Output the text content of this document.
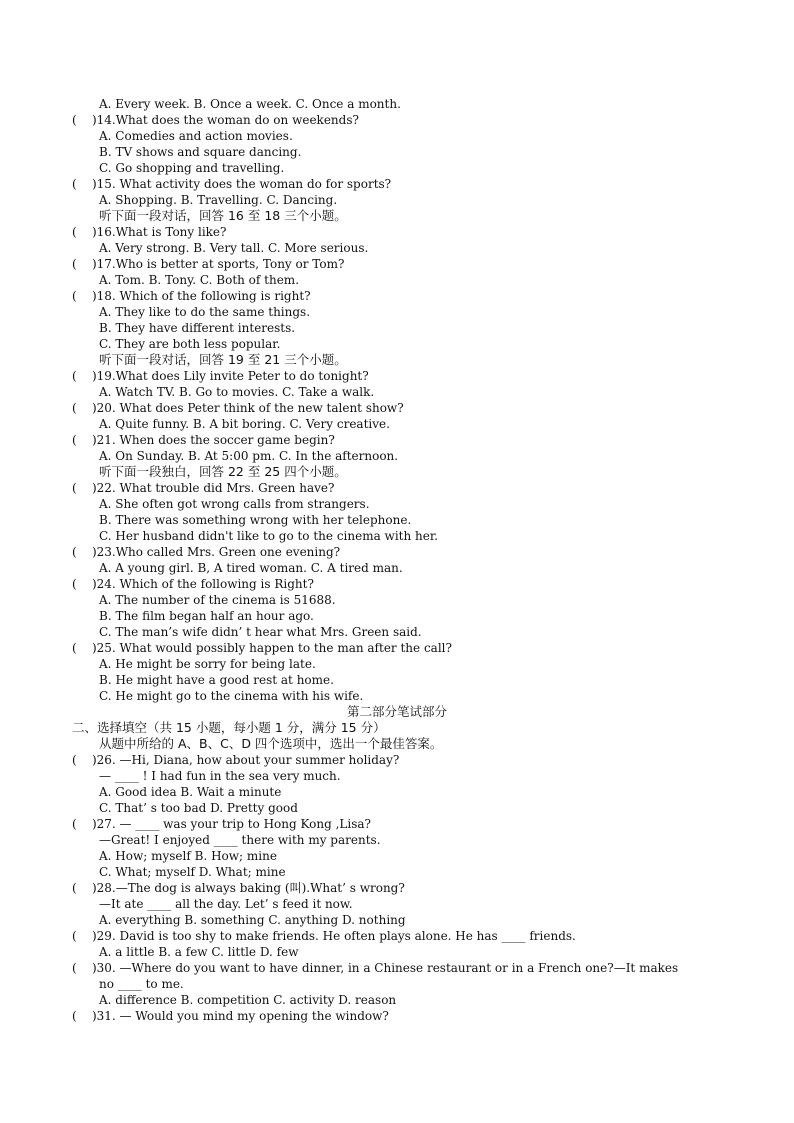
A. Every week. B. Once a week. C. Once a month.
(    )14.What does the woman do on weekends?
A. Comedies and action movies.
B. TV shows and square dancing.
C. Go shopping and travelling.
(    )15. What activity does the woman do for sports?
A. Shopping. B. Travelling. C. Dancing.
听下面一段对话，回答 16 至 18 三个小题。
(    )16.What is Tony like?
A. Very strong. B. Very tall. C. More serious.
(    )17.Who is better at sports, Tony or Tom?
A. Tom. B. Tony. C. Both of them.
(    )18. Which of the following is right?
A. They like to do the same things.
B. They have different interests.
C. They are both less popular.
听下面一段对话，回答 19 至 21 三个小题。
(    )19.What does Lily invite Peter to do tonight?
A. Watch TV. B. Go to movies. C. Take a walk.
(    )20. What does Peter think of the new talent show?
A. Quite funny. B. A bit boring. C. Very creative.
(    )21. When does the soccer game begin?
A. On Sunday. B. At 5:00 pm. C. In the afternoon.
听下面一段独白，回答 22 至 25 四个小题。
(    )22. What trouble did Mrs. Green have?
A. She often got wrong calls from strangers.
B. There was something wrong with her telephone.
C. Her husband didn't like to go to the cinema with her.
(    )23.Who called Mrs. Green one evening?
A. A young girl. B, A tired woman. C. A tired man.
(    )24. Which of the following is Right?
A. The number of the cinema is 51688.
B. The film began half an hour ago.
C. The man’s wife didn’ t hear what Mrs. Green said.
(    )25. What would possibly happen to the man after the call?
A. He might be sorry for being late.
B. He might have a good rest at home.
C. He might go to the cinema with his wife.
第二部分笔试部分
二、选择填空（共 15 小题，每小题 1 分，满分 15 分）
从题中所给的 A、B、C、D 四个选项中，选出一个最佳答案。
(    )26. —Hi, Diana, how about your summer holiday?
— ____ ! I had fun in the sea very much.
A. Good idea B. Wait a minute
C. That’ s too bad D. Pretty good
(    )27. — ____ was your trip to Hong Kong ,Lisa?
—Great! I enjoyed ____ there with my parents.
A. How; myself B. How; mine
C. What; myself D. What; mine
(    )28.—The dog is always baking (叫).What’ s wrong?
—It ate ____ all the day. Let’ s feed it now.
A. everything B. something C. anything D. nothing
(    )29. David is too shy to make friends. He often plays alone. He has ____ friends.
A. a little B. a few C. little D. few
(    )30. —Where do you want to have dinner, in a Chinese restaurant or in a French one?—It makes
no ____ to me.
A. difference B. competition C. activity D. reason
(    )31. — Would you mind my opening the window?
